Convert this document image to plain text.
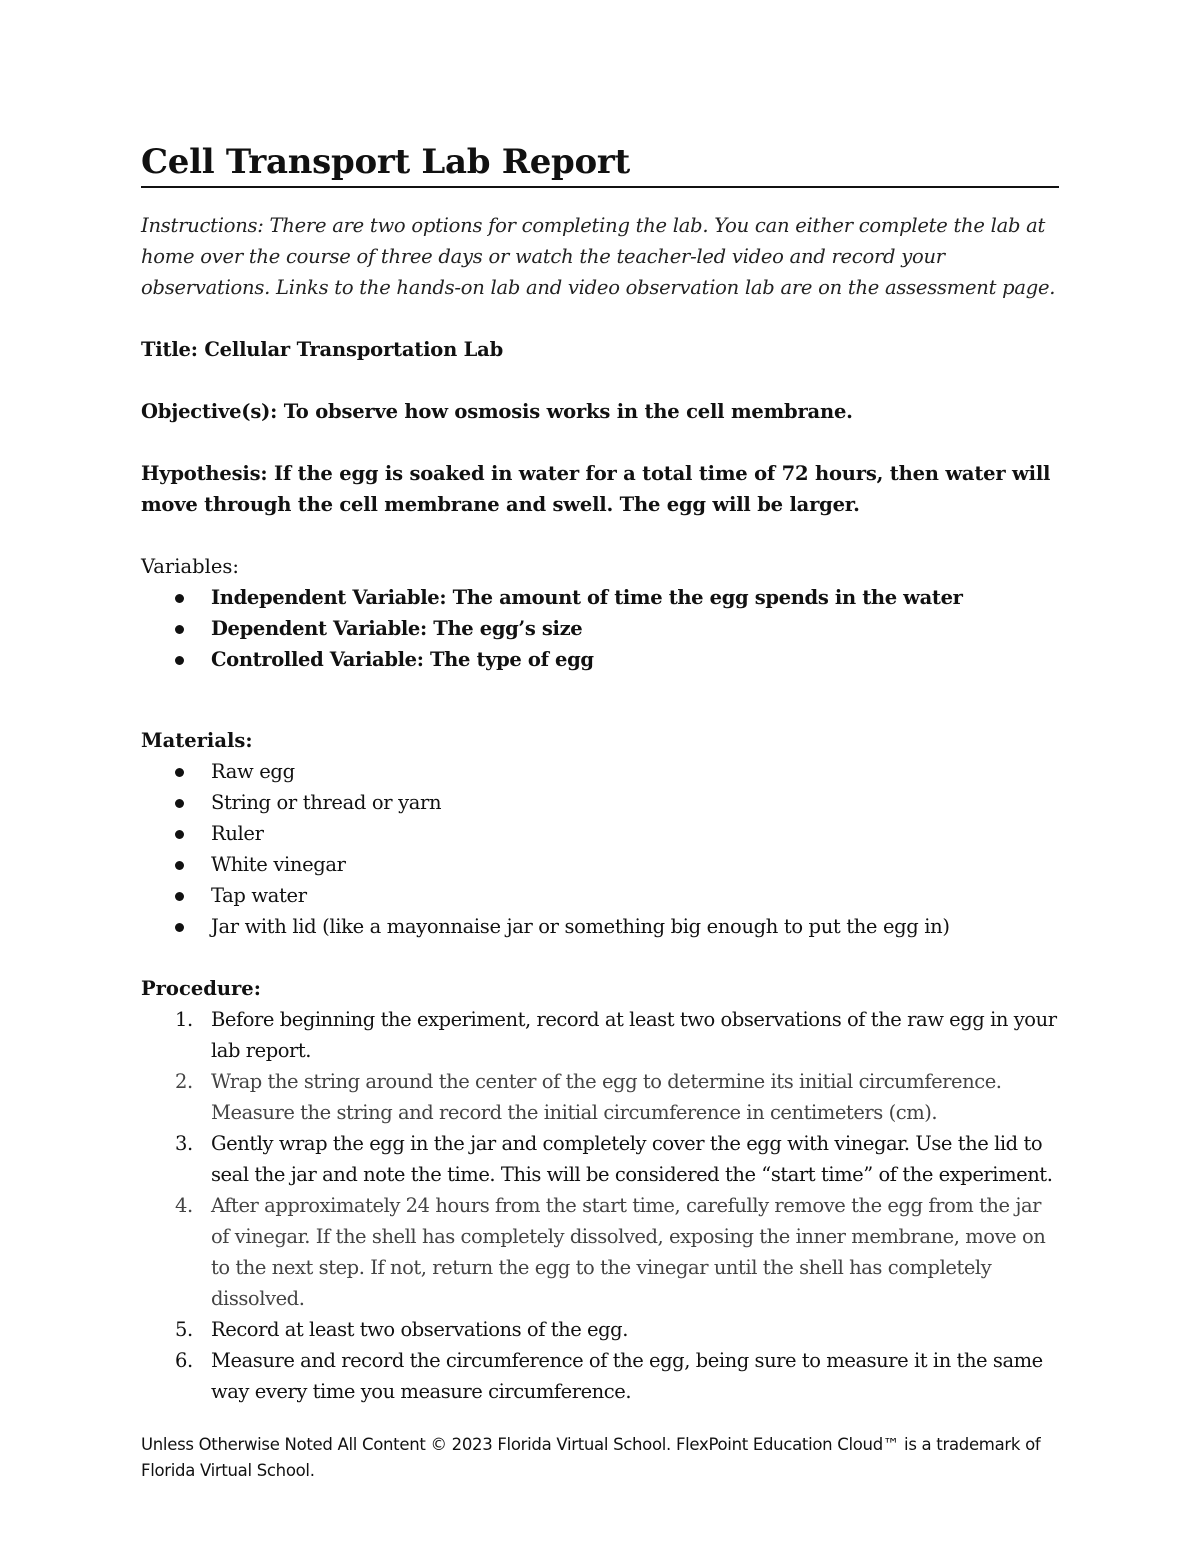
Cell Transport Lab Report

Instructions: There are two options for completing the lab. You can either complete the lab at home over the course of three days or watch the teacher-led video and record your observations. Links to the hands-on lab and video observation lab are on the assessment page.

Title: Cellular Transportation Lab

Objective(s): To observe how osmosis works in the cell membrane.

Hypothesis: If the egg is soaked in water for a total time of 72 hours, then water will move through the cell membrane and swell. The egg will be larger.

Variables:

Independent Variable: The amount of time the egg spends in the water
Dependent Variable: The egg’s size
Controlled Variable: The type of egg

Materials:

Raw egg
String or thread or yarn
Ruler
White vinegar
Tap water
Jar with lid (like a mayonnaise jar or something big enough to put the egg in)

Procedure:

1. Before beginning the experiment, record at least two observations of the raw egg in your lab report.
2. Wrap the string around the center of the egg to determine its initial circumference. Measure the string and record the initial circumference in centimeters (cm).
3. Gently wrap the egg in the jar and completely cover the egg with vinegar. Use the lid to seal the jar and note the time. This will be considered the “start time” of the experiment.
4. After approximately 24 hours from the start time, carefully remove the egg from the jar of vinegar. If the shell has completely dissolved, exposing the inner membrane, move on to the next step. If not, return the egg to the vinegar until the shell has completely dissolved.
5. Record at least two observations of the egg.
6. Measure and record the circumference of the egg, being sure to measure it in the same way every time you measure circumference.
Unless Otherwise Noted All Content © 2023 Florida Virtual School. FlexPoint Education Cloud™ is a trademark of Florida Virtual School.
